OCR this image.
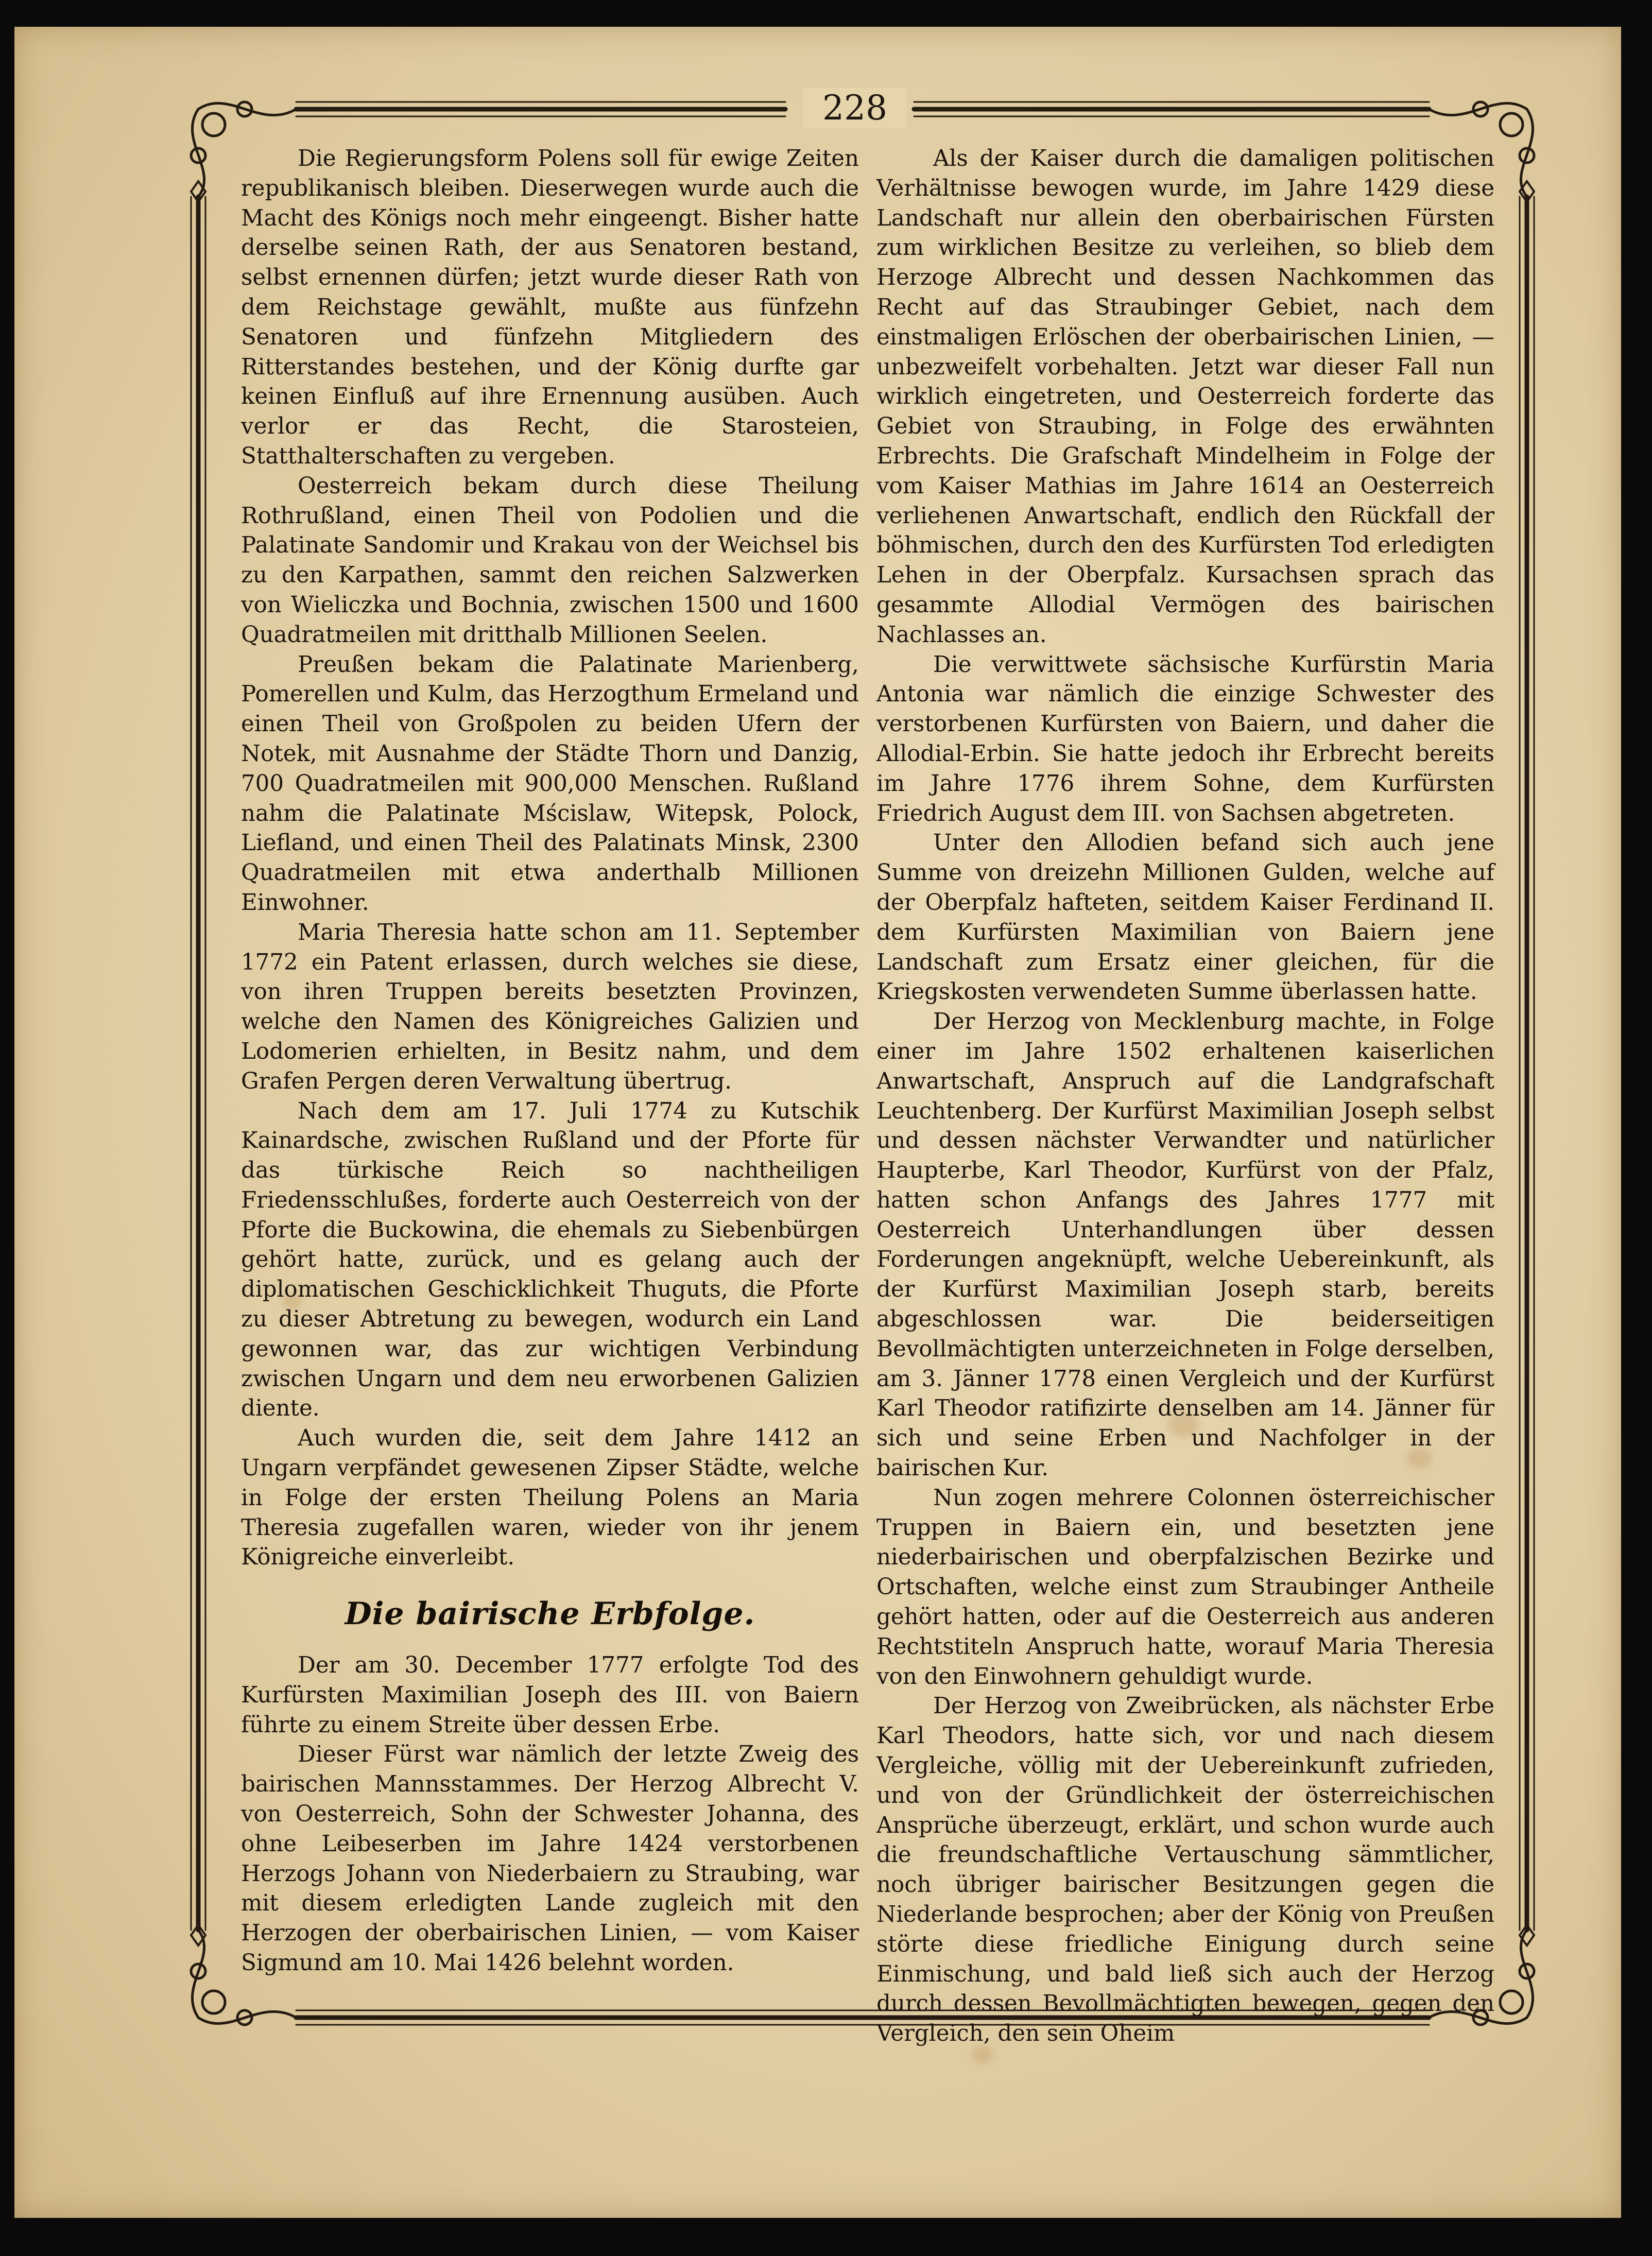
228

Die Regierungsform Polens soll für ewige Zeiten republikanisch bleiben. Dieserwegen wurde auch die Macht des Königs noch mehr eingeengt. Bisher hatte derselbe seinen Rath, der aus Senatoren bestand, selbst ernennen dürfen; jetzt wurde dieser Rath von dem Reichstage gewählt, mußte aus fünfzehn Senatoren und fünfzehn Mitgliedern des Ritterstandes bestehen, und der König durfte gar keinen Einfluß auf ihre Ernennung ausüben. Auch verlor er das Recht, die Starosteien, Statthalterschaften zu vergeben.

Oesterreich bekam durch diese Theilung Rothrußland, einen Theil von Podolien und die Palatinate Sandomir und Krakau von der Weichsel bis zu den Karpathen, sammt den reichen Salzwerken von Wieliczka und Bochnia, zwischen 1500 und 1600 Quadratmeilen mit dritthalb Millionen Seelen.

Preußen bekam die Palatinate Marienberg, Pomerellen und Kulm, das Herzogthum Ermeland und einen Theil von Großpolen zu beiden Ufern der Notek, mit Ausnahme der Städte Thorn und Danzig, 700 Quadratmeilen mit 900,000 Menschen. Rußland nahm die Palatinate Mścislaw, Witepsk, Polock, Liefland, und einen Theil des Palatinats Minsk, 2300 Quadratmeilen mit etwa anderthalb Millionen Einwohner.

Maria Theresia hatte schon am 11. September 1772 ein Patent erlassen, durch welches sie diese, von ihren Truppen bereits besetzten Provinzen, welche den Namen des Königreiches Galizien und Lodomerien erhielten, in Besitz nahm, und dem Grafen Pergen deren Verwaltung übertrug.

Nach dem am 17. Juli 1774 zu Kutschik Kainardsche, zwischen Rußland und der Pforte für das türkische Reich so nachtheiligen Friedensschlußes, forderte auch Oesterreich von der Pforte die Buckowina, die ehemals zu Siebenbürgen gehört hatte, zurück, und es gelang auch der diplomatischen Geschicklichkeit Thuguts, die Pforte zu dieser Abtretung zu bewegen, wodurch ein Land gewonnen war, das zur wichtigen Verbindung zwischen Ungarn und dem neu erworbenen Galizien diente.

Auch wurden die, seit dem Jahre 1412 an Ungarn verpfändet gewesenen Zipser Städte, welche in Folge der ersten Theilung Polens an Maria Theresia zugefallen waren, wieder von ihr jenem Königreiche einverleibt.

Die bairische Erbfolge.

Der am 30. December 1777 erfolgte Tod des Kurfürsten Maximilian Joseph des III. von Baiern führte zu einem Streite über dessen Erbe.

Dieser Fürst war nämlich der letzte Zweig des bairischen Mannsstammes. Der Herzog Albrecht V. von Oesterreich, Sohn der Schwester Johanna, des ohne Leibeserben im Jahre 1424 verstorbenen Herzogs Johann von Niederbaiern zu Straubing, war mit diesem erledigten Lande zugleich mit den Herzogen der oberbairischen Linien, — vom Kaiser Sigmund am 10. Mai 1426 belehnt worden.

Als der Kaiser durch die damaligen politischen Verhältnisse bewogen wurde, im Jahre 1429 diese Landschaft nur allein den oberbairischen Fürsten zum wirklichen Besitze zu verleihen, so blieb dem Herzoge Albrecht und dessen Nachkommen das Recht auf das Straubinger Gebiet, nach dem einstmaligen Erlöschen der oberbairischen Linien, — unbezweifelt vorbehalten. Jetzt war dieser Fall nun wirklich eingetreten, und Oesterreich forderte das Gebiet von Straubing, in Folge des erwähnten Erbrechts. Die Grafschaft Mindelheim in Folge der vom Kaiser Mathias im Jahre 1614 an Oesterreich verliehenen Anwartschaft, endlich den Rückfall der böhmischen, durch den des Kurfürsten Tod erledigten Lehen in der Oberpfalz. Kursachsen sprach das gesammte Allodial Vermögen des bairischen Nachlasses an.

Die verwittwete sächsische Kurfürstin Maria Antonia war nämlich die einzige Schwester des verstorbenen Kurfürsten von Baiern, und daher die Allodial-Erbin. Sie hatte jedoch ihr Erbrecht bereits im Jahre 1776 ihrem Sohne, dem Kurfürsten Friedrich August dem III. von Sachsen abgetreten.

Unter den Allodien befand sich auch jene Summe von dreizehn Millionen Gulden, welche auf der Oberpfalz hafteten, seitdem Kaiser Ferdinand II. dem Kurfürsten Maximilian von Baiern jene Landschaft zum Ersatz einer gleichen, für die Kriegskosten verwendeten Summe überlassen hatte.

Der Herzog von Mecklenburg machte, in Folge einer im Jahre 1502 erhaltenen kaiserlichen Anwartschaft, Anspruch auf die Landgrafschaft Leuchtenberg. Der Kurfürst Maximilian Joseph selbst und dessen nächster Verwandter und natürlicher Haupterbe, Karl Theodor, Kurfürst von der Pfalz, hatten schon Anfangs des Jahres 1777 mit Oesterreich Unterhandlungen über dessen Forderungen angeknüpft, welche Uebereinkunft, als der Kurfürst Maximilian Joseph starb, bereits abgeschlossen war. Die beiderseitigen Bevollmächtigten unterzeichneten in Folge derselben, am 3. Jänner 1778 einen Vergleich und der Kurfürst Karl Theodor ratifizirte denselben am 14. Jänner für sich und seine Erben und Nachfolger in der bairischen Kur.

Nun zogen mehrere Colonnen österreichischer Truppen in Baiern ein, und besetzten jene niederbairischen und oberpfalzischen Bezirke und Ortschaften, welche einst zum Straubinger Antheile gehört hatten, oder auf die Oesterreich aus anderen Rechtstiteln Anspruch hatte, worauf Maria Theresia von den Einwohnern gehuldigt wurde.

Der Herzog von Zweibrücken, als nächster Erbe Karl Theodors, hatte sich, vor und nach diesem Vergleiche, völlig mit der Uebereinkunft zufrieden, und von der Gründlichkeit der österreichischen Ansprüche überzeugt, erklärt, und schon wurde auch die freundschaftliche Vertauschung sämmtlicher, noch übriger bairischer Besitzungen gegen die Niederlande besprochen; aber der König von Preußen störte diese friedliche Einigung durch seine Einmischung, und bald ließ sich auch der Herzog durch dessen Bevollmächtigten bewegen, gegen den Vergleich, den sein Oheim
